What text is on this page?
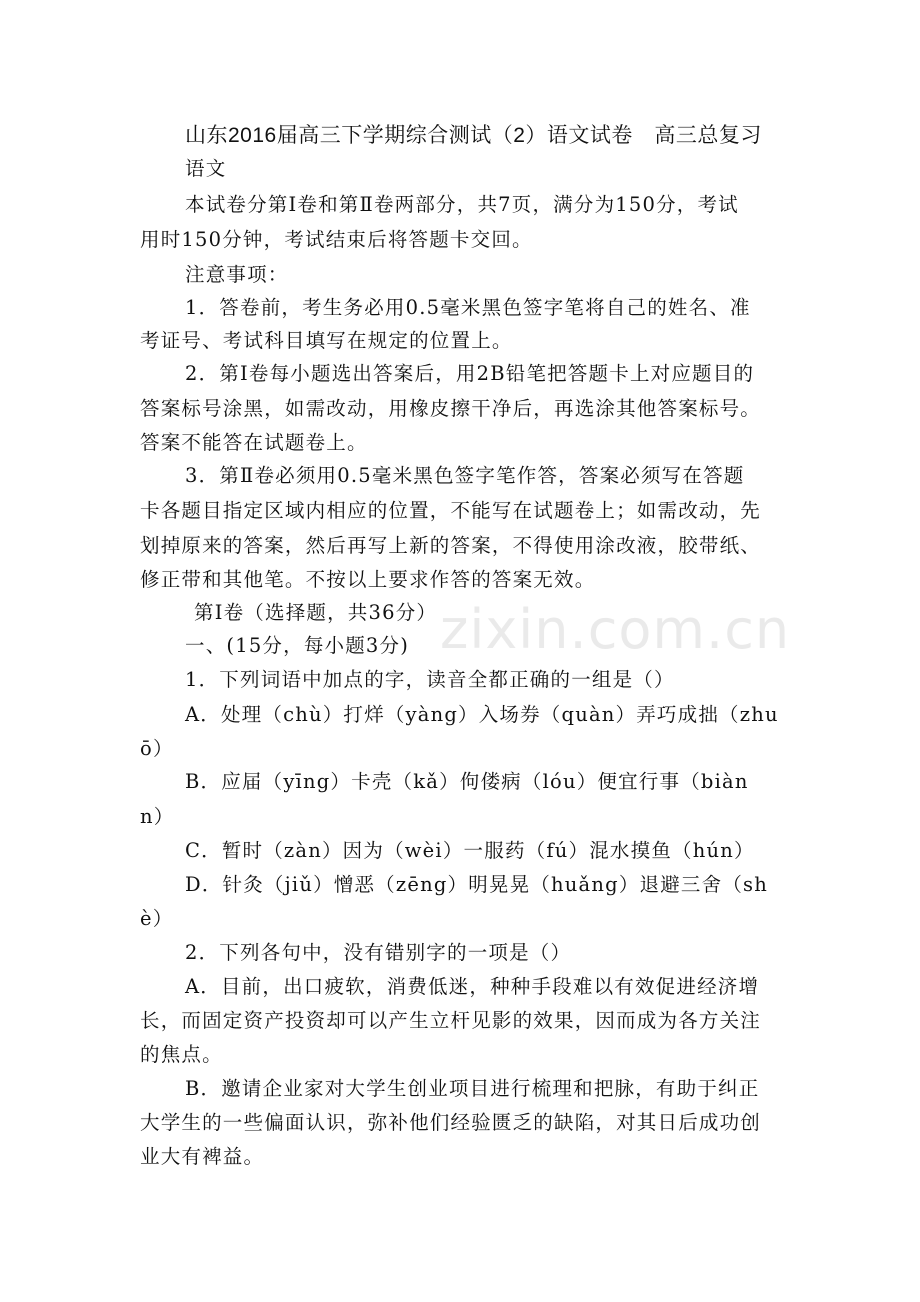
山东2016届高三下学期综合测试（2）语文试卷　高三总复习
语文
本试卷分第Ⅰ卷和第Ⅱ卷两部分，共7页，满分为150分，考试
用时150分钟，考试结束后将答题卡交回。
注意事项：
1．答卷前，考生务必用0.5毫米黑色签字笔将自己的姓名、准
考证号、考试科目填写在规定的位置上。
2．第Ⅰ卷每小题选出答案后，用2B铅笔把答题卡上对应题目的
答案标号涂黑，如需改动，用橡皮擦干净后，再选涂其他答案标号。
答案不能答在试题卷上。
3．第Ⅱ卷必须用0.5毫米黑色签字笔作答，答案必须写在答题
卡各题目指定区域内相应的位置，不能写在试题卷上；如需改动，先
划掉原来的答案，然后再写上新的答案，不得使用涂改液，胶带纸、
修正带和其他笔。不按以上要求作答的答案无效。
第Ⅰ卷（选择题，共36分）
一、(15分，每小题3分)
1．下列词语中加点的字，读音全都正确的一组是（）
A．处理（chù）打烊（yàng）入场券（quàn）弄巧成拙（zhu
ō）
B．应届（yīng）卡壳（kǎ）佝偻病（lóu）便宜行事（biàn
n）
C．暂时（zàn）因为（wèi）一服药（fú）混水摸鱼（hún）
D．针灸（jiǔ）憎恶（zēng）明晃晃（huǎng）退避三舍（sh
è）
2．下列各句中，没有错别字的一项是（）
A．目前，出口疲软，消费低迷，种种手段难以有效促进经济增
长，而固定资产投资却可以产生立杆见影的效果，因而成为各方关注
的焦点。
B．邀请企业家对大学生创业项目进行梳理和把脉，有助于纠正
大学生的一些偏面认识，弥补他们经验匮乏的缺陷，对其日后成功创
业大有裨益。
zixin.com.cn
